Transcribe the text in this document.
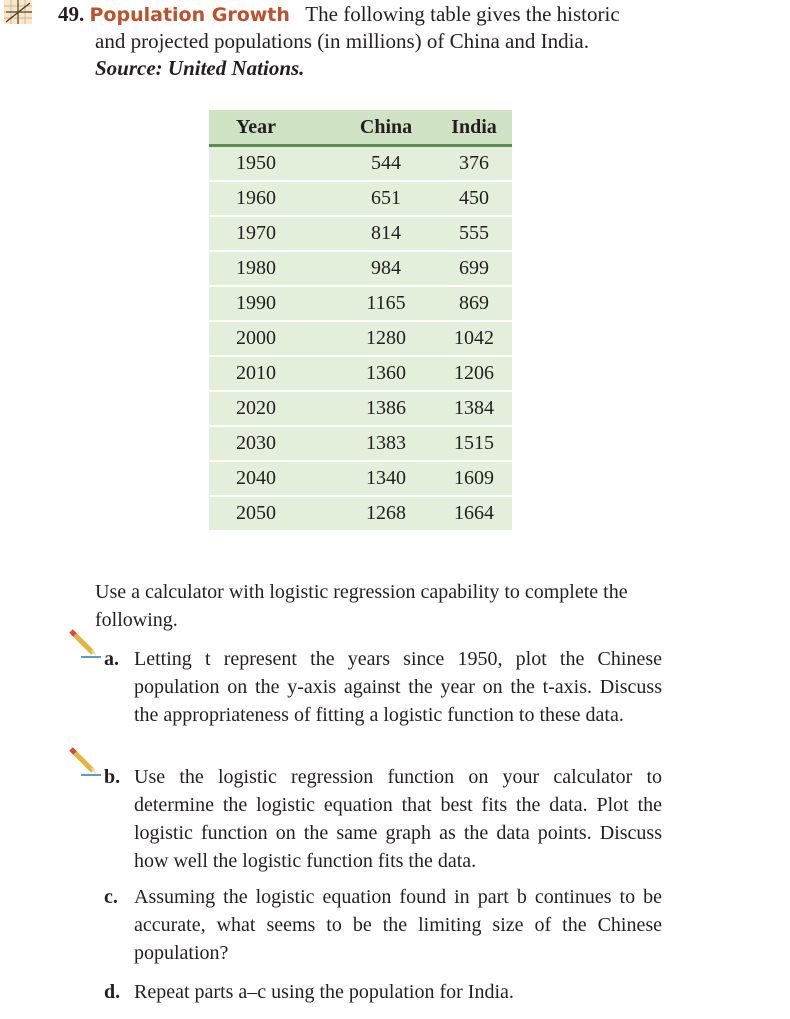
49. Population Growth The following table gives the historic
and projected populations (in millions) of China and India.
Source: United Nations.
Year	China	India
1950	544	376
1960	651	450
1970	814	555
1980	984	699
1990	1165	869
2000	1280	1042
2010	1360	1206
2020	1386	1384
2030	1383	1515
2040	1340	1609
2050	1268	1664
Use a calculator with logistic regression capability to complete the following.
a. Letting t represent the years since 1950, plot the Chinese population on the y-axis against the year on the t-axis. Discuss the appropriateness of fitting a logistic function to these data.
b. Use the logistic regression function on your calculator to determine the logistic equation that best fits the data. Plot the logistic function on the same graph as the data points. Discuss how well the logistic function fits the data.
c. Assuming the logistic equation found in part b continues to be accurate, what seems to be the limiting size of the Chinese population?
d. Repeat parts a–c using the population for India.
